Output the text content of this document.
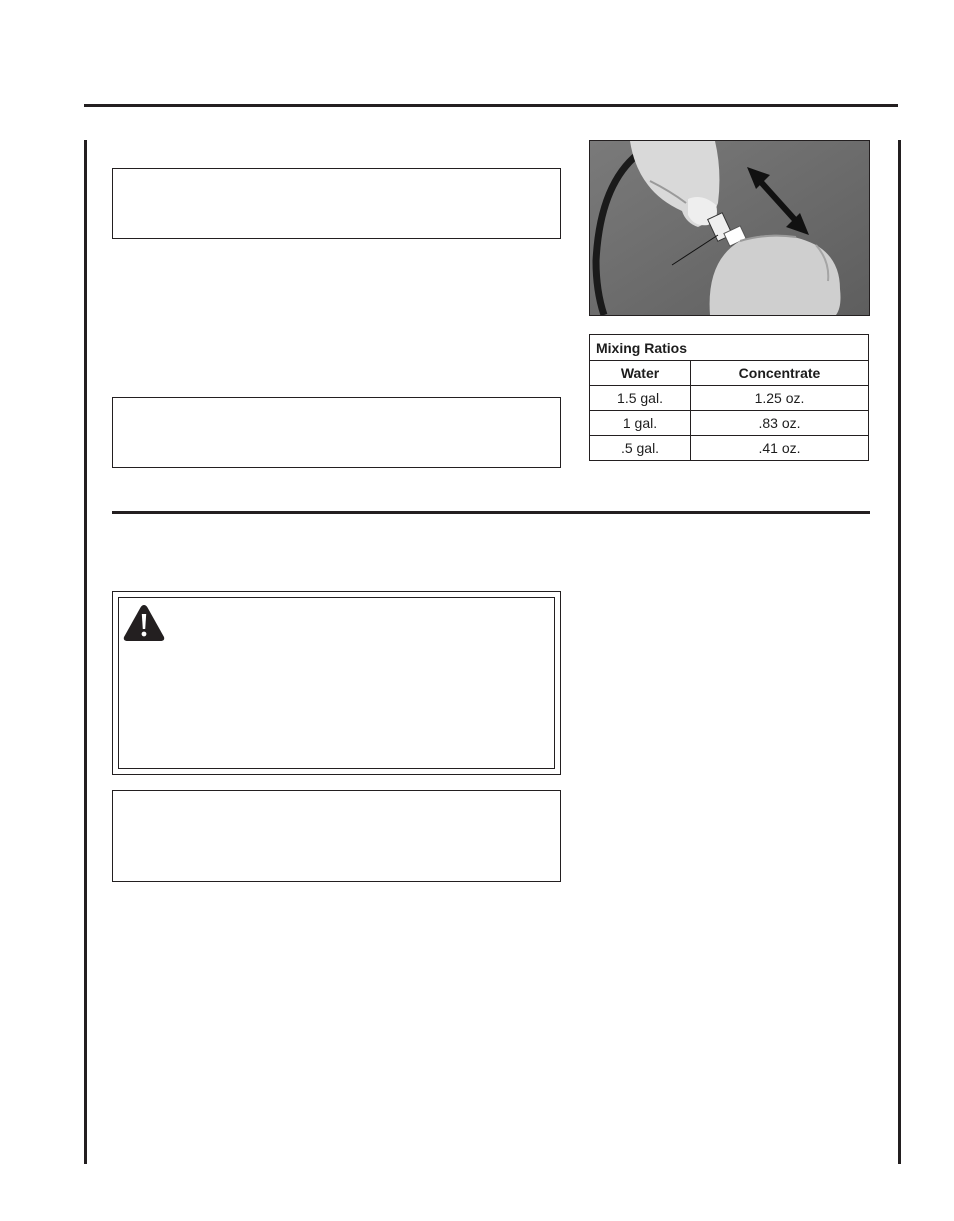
Mixing Ratios	
Water	Concentrate
1.5 gal.	1.25 oz.
1 gal.	.83 oz.
.5 gal.	.41 oz.
